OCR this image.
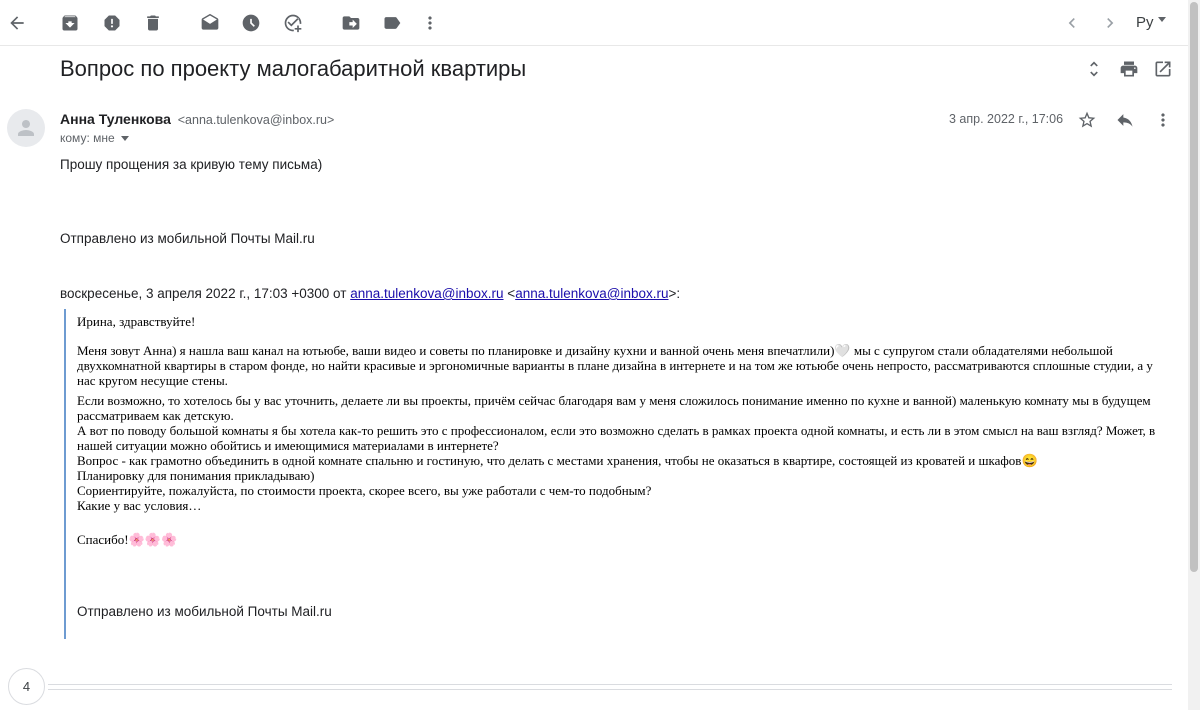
Ру
Вопрос по проекту малогабаритной квартиры
Анна Туленкова <anna.tulenkova@inbox.ru>
кому: мне
3 апр. 2022 г., 17:06
Прошу прощения за кривую тему письма)
Отправлено из мобильной Почты Mail.ru
воскресенье, 3 апреля 2022 г., 17:03 +0300 от anna.tulenkova@inbox.ru <anna.tulenkova@inbox.ru>:
Ирина, здравствуйте!
Меня зовут Анна) я нашла ваш канал на ютьюбе, ваши видео и советы по планировке и дизайну кухни и ванной очень меня впечатлили)🤍 мы с супругом стали обладателями небольшой двухкомнатной квартиры в старом фонде, но найти красивые и эргономичные варианты в плане дизайна в интернете и на том же ютьюбе очень непросто, рассматриваются сплошные студии, а у нас кругом несущие стены.
Если возможно, то хотелось бы у вас уточнить, делаете ли вы проекты, причём сейчас благодаря вам у меня сложилось понимание именно по кухне и ванной) маленькую комнату мы в будущем рассматриваем как детскую.
А вот по поводу большой комнаты я бы хотела как-то решить это с профессионалом, если это возможно сделать в рамках проекта одной комнаты, и есть ли в этом смысл на ваш взгляд? Может, в нашей ситуации можно обойтись и имеющимися материалами в интернете?
Вопрос - как грамотно объединить в одной комнате спальню и гостиную, что делать с местами хранения, чтобы не оказаться в квартире, состоящей из кроватей и шкафов😄
Планировку для понимания прикладываю)
Сориентируйте, пожалуйста, по стоимости проекта, скорее всего, вы уже работали с чем-то подобным?
Какие у вас условия…
Спасибо!🌸🌸🌸
Отправлено из мобильной Почты Mail.ru
4
